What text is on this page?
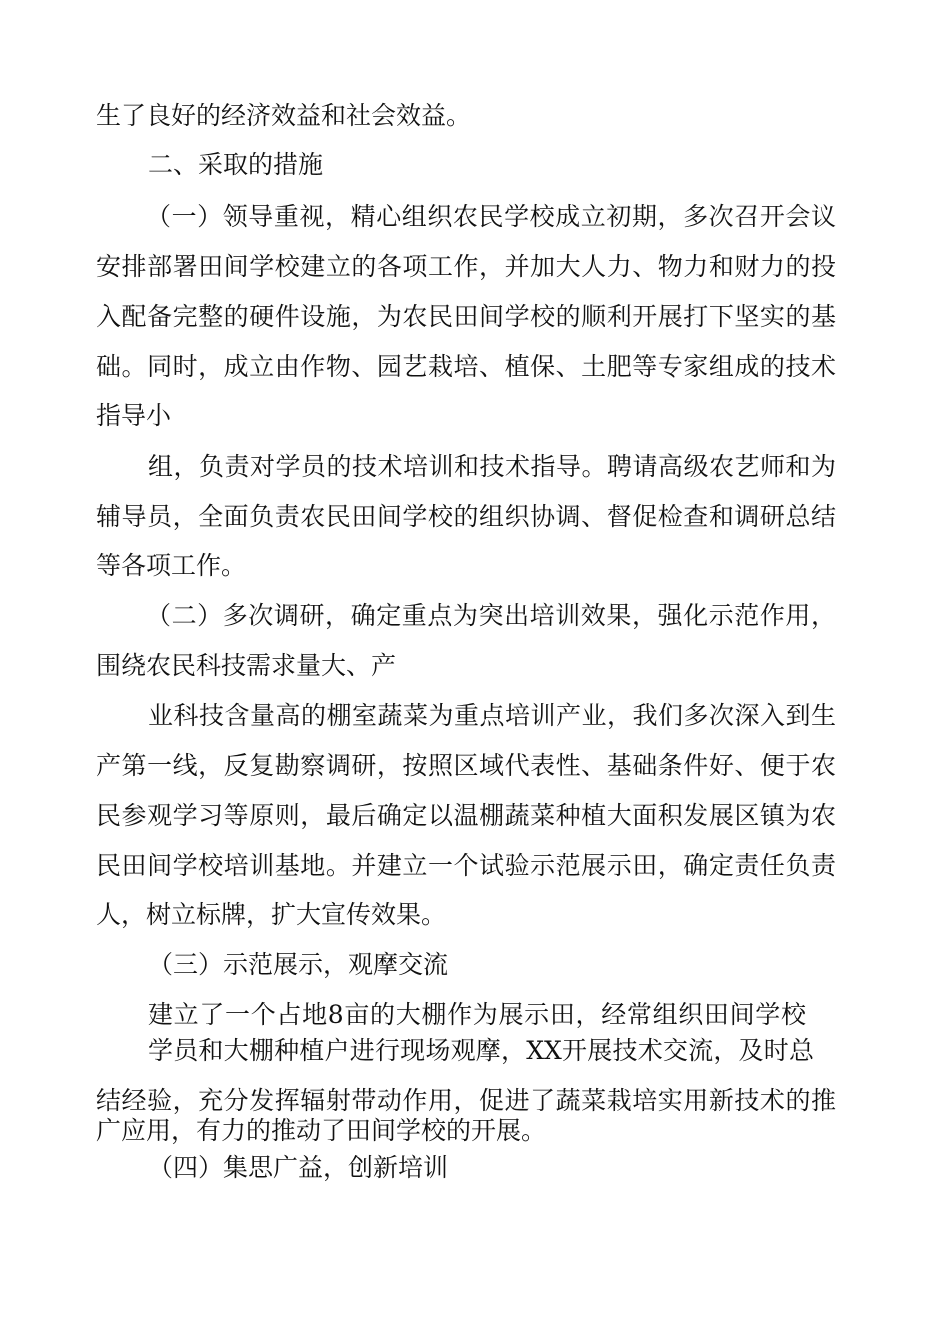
生了良好的经济效益和社会效益。
二、采取的措施
（一）领导重视，精心组织农民学校成立初期，多次召开会议
安排部署田间学校建立的各项工作，并加大人力、物力和财力的投
入配备完整的硬件设施，为农民田间学校的顺利开展打下坚实的基
础。同时，成立由作物、园艺栽培、植保、土肥等专家组成的技术
指导小
组，负责对学员的技术培训和技术指导。聘请高级农艺师和为
辅导员，全面负责农民田间学校的组织协调、督促检查和调研总结
等各项工作。
（二）多次调研，确定重点为突出培训效果，强化示范作用，
围绕农民科技需求量大、产
业科技含量高的棚室蔬菜为重点培训产业，我们多次深入到生
产第一线，反复勘察调研，按照区域代表性、基础条件好、便于农
民参观学习等原则，最后确定以温棚蔬菜种植大面积发展区镇为农
民田间学校培训基地。并建立一个试验示范展示田，确定责任负责
人，树立标牌，扩大宣传效果。
（三）示范展示，观摩交流
建立了一个占地8亩的大棚作为展示田，经常组织田间学校
学员和大棚种植户进行现场观摩，XX开展技术交流，及时总
结经验，充分发挥辐射带动作用，促进了蔬菜栽培实用新技术的推
广应用，有力的推动了田间学校的开展。
（四）集思广益，创新培训
